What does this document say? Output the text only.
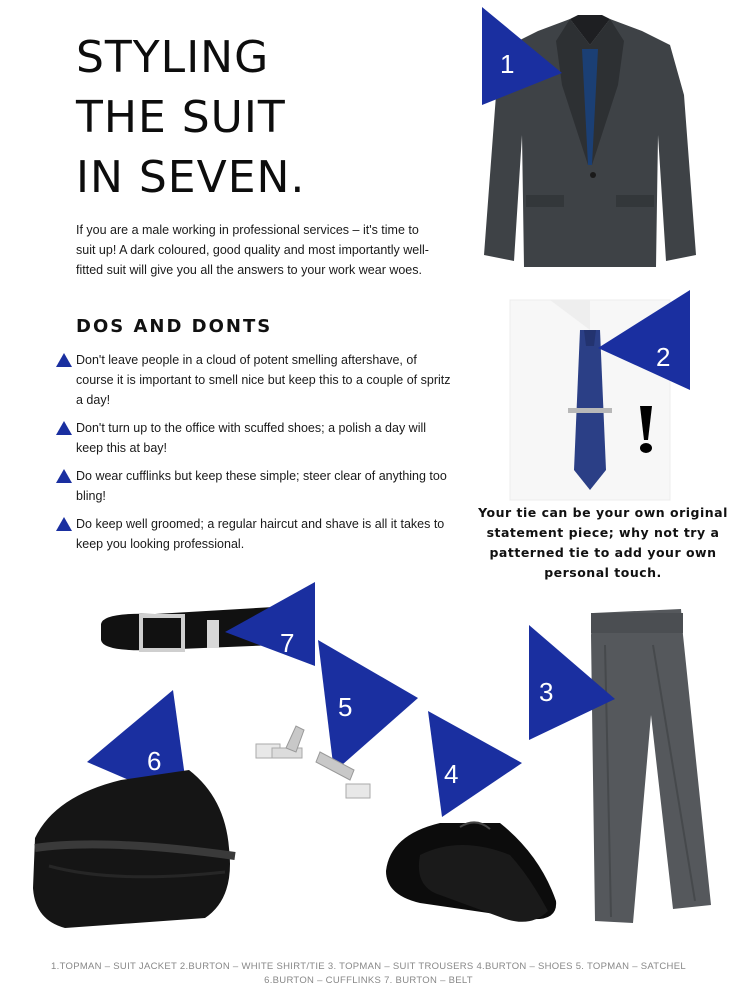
STYLING
THE SUIT
IN SEVEN.

If you are a male working in professional services – it's time to suit up! A dark coloured, good quality and most importantly well-fitted suit will give you all the answers to your work wear woes.

DOS AND DONTS
Don't leave people in a cloud of potent smelling aftershave, of course it is important to smell nice but keep this to a couple of spritz a day!
Don't turn up to the office with scuffed shoes; a polish a day will keep this at bay!
Do wear cufflinks but keep these simple; steer clear of anything too bling!
Do keep well groomed; a regular haircut and shave is all it takes to keep you looking professional.
1
2

Your tie can be your own original statement piece; why not try a patterned tie to add your own personal touch.

7
5
4
3
6
1.TOPMAN – SUIT JACKET 2.BURTON – WHITE SHIRT/TIE 3. TOPMAN – SUIT TROUSERS 4.BURTON – SHOES 5. TOPMAN – SATCHEL
6.BURTON – CUFFLINKS 7. BURTON – BELT
